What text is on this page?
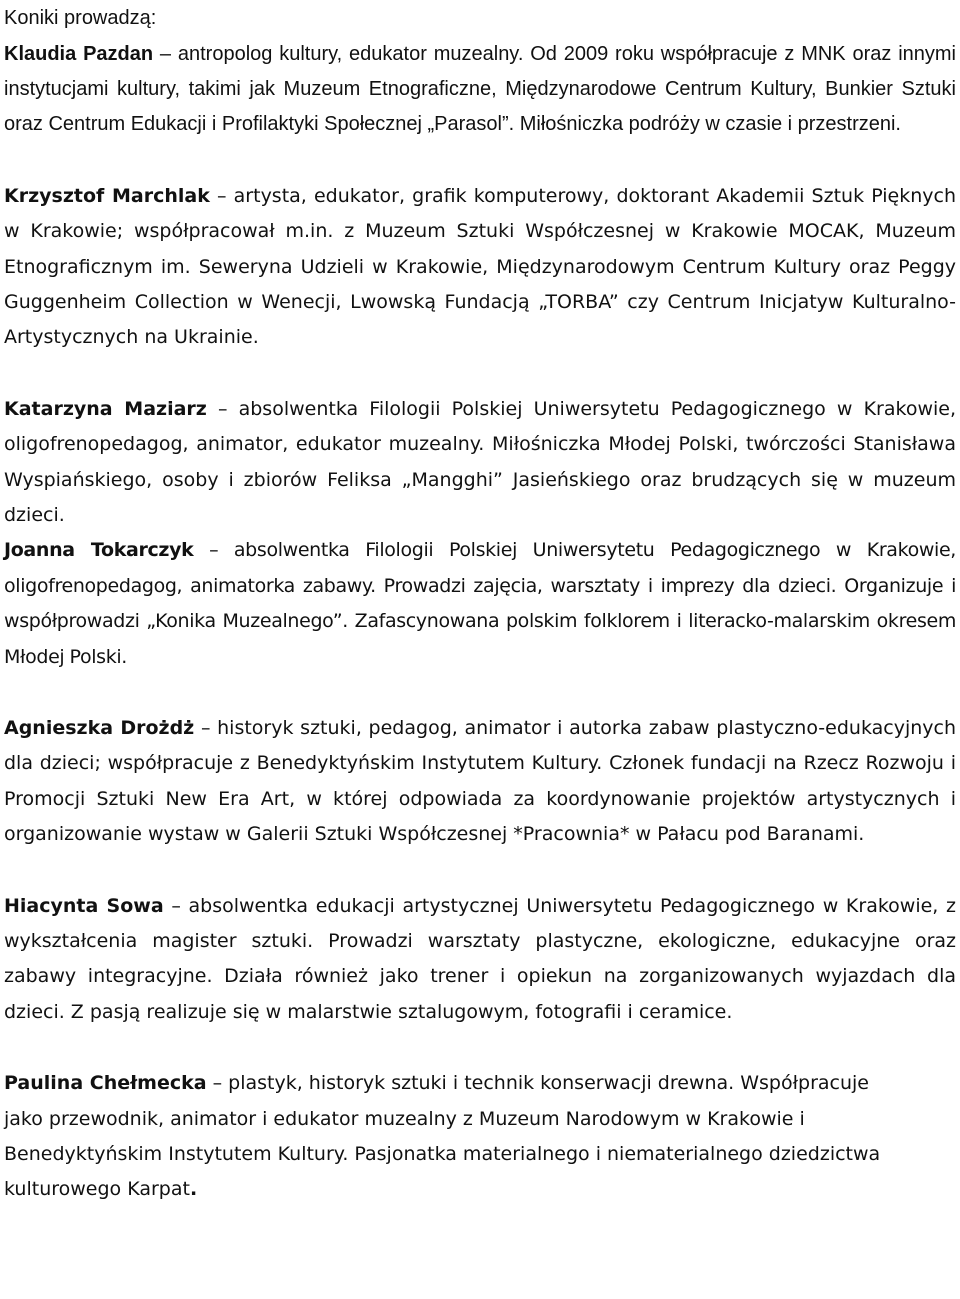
Koniki prowadzą:

Klaudia Pazdan – antropolog kultury, edukator muzealny. Od 2009 roku współpracuje z MNK oraz innymi instytucjami kultury, takimi jak Muzeum Etnograficzne, Międzynarodowe Centrum Kultury, Bunkier Sztuki oraz Centrum Edukacji i Profilaktyki Społecznej „Parasol”. Miłośniczka podróży w czasie i przestrzeni.

Krzysztof Marchlak – artysta, edukator, grafik komputerowy, doktorant Akademii Sztuk Pięknych w Krakowie; współpracował m.in. z Muzeum Sztuki Współczesnej w Krakowie MOCAK, Muzeum Etnograficznym im. Seweryna Udzieli w Krakowie, Międzynarodowym Centrum Kultury oraz Peggy Guggenheim Collection w Wenecji, Lwowską Fundacją „TORBA” czy Centrum Inicjatyw Kulturalno-Artystycznych na Ukrainie.

Katarzyna Maziarz – absolwentka Filologii Polskiej Uniwersytetu Pedagogicznego w Krakowie, oligofrenopedagog, animator, edukator muzealny. Miłośniczka Młodej Polski, twórczości Stanisława Wyspiańskiego, osoby i zbiorów Feliksa „Mangghi” Jasieńskiego oraz brudzących się w muzeum dzieci.

Joanna Tokarczyk – absolwentka Filologii Polskiej Uniwersytetu Pedagogicznego w Krakowie, oligofrenopedagog, animatorka zabawy. Prowadzi zajęcia, warsztaty i imprezy dla dzieci. Organizuje i współprowadzi „Konika Muzealnego”. Zafascynowana polskim folklorem i literacko-malarskim okresem Młodej Polski.

Agnieszka Drożdż – historyk sztuki, pedagog, animator i autorka zabaw plastyczno-edukacyjnych dla dzieci; współpracuje z Benedyktyńskim Instytutem Kultury. Członek fundacji na Rzecz Rozwoju i Promocji Sztuki New Era Art, w której odpowiada za koordynowanie projektów artystycznych i organizowanie wystaw w Galerii Sztuki Współczesnej *Pracownia* w Pałacu pod Baranami.

Hiacynta Sowa – absolwentka edukacji artystycznej Uniwersytetu Pedagogicznego w Krakowie, z wykształcenia magister sztuki. Prowadzi warsztaty plastyczne, ekologiczne, edukacyjne oraz zabawy integracyjne. Działa również jako trener i opiekun na zorganizowanych wyjazdach dla dzieci. Z pasją realizuje się w malarstwie sztalugowym, fotografii i ceramice.

Paulina Chełmecka – plastyk, historyk sztuki i technik konserwacji drewna. Współpracuje
jako przewodnik, animator i edukator muzealny z Muzeum Narodowym w Krakowie i
Benedyktyńskim Instytutem Kultury. Pasjonatka materialnego i niematerialnego dziedzictwa
kulturowego Karpat.
